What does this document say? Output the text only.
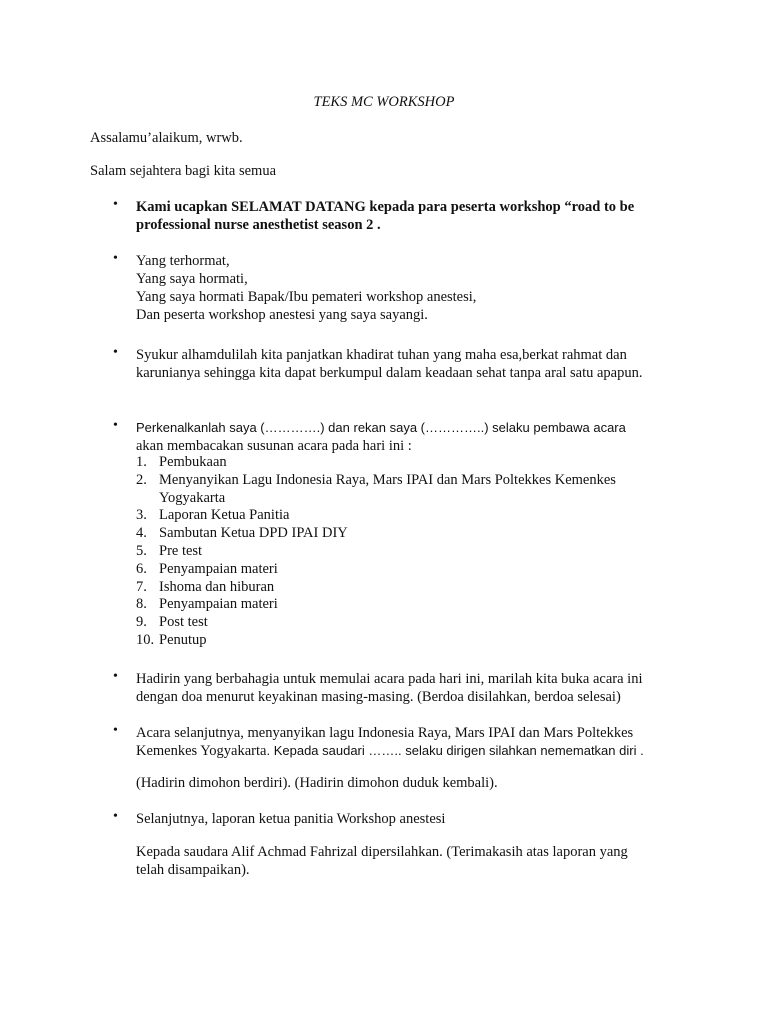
TEKS MC WORKSHOP
Assalamu’alaikum, wrwb.
Salam sejahtera bagi kita semua
• Kami ucapkan SELAMAT DATANG kepada para peserta workshop “road to be
professional nurse anesthetist season 2 .
• Yang terhormat,
Yang saya hormati,
Yang saya hormati Bapak/Ibu pemateri workshop anestesi,
Dan peserta workshop anestesi yang saya sayangi.
• Syukur alhamdulilah kita panjatkan khadirat tuhan yang maha esa,berkat rahmat dan
karunianya sehingga kita dapat berkumpul dalam keadaan sehat tanpa aral satu apapun.
• Perkenalkanlah saya (………….) dan rekan saya (…………..) selaku pembawa acara
akan membacakan susunan acara pada hari ini :
1. Pembukaan
2. Menyanyikan Lagu Indonesia Raya, Mars IPAI dan Mars Poltekkes Kemenkes
Yogyakarta
3. Laporan Ketua Panitia
4. Sambutan Ketua DPD IPAI DIY
5. Pre test
6. Penyampaian materi
7. Ishoma dan hiburan
8. Penyampaian materi
9. Post test
10. Penutup
• Hadirin yang berbahagia untuk memulai acara pada hari ini, marilah kita buka acara ini
dengan doa menurut keyakinan masing-masing. (Berdoa disilahkan, berdoa selesai)
• Acara selanjutnya, menyanyikan lagu Indonesia Raya, Mars IPAI dan Mars Poltekkes
Kemenkes Yogyakarta. Kepada saudari …….. selaku dirigen silahkan nemematkan diri .
(Hadirin dimohon berdiri). (Hadirin dimohon duduk kembali).
• Selanjutnya, laporan ketua panitia Workshop anestesi
Kepada saudara Alif Achmad Fahrizal dipersilahkan. (Terimakasih atas laporan yang
telah disampaikan).
